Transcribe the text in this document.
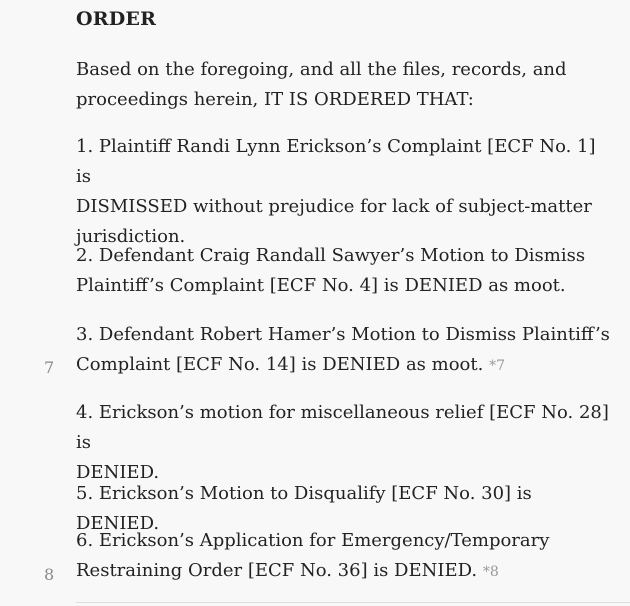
ORDER
Based on the foregoing, and all the files, records, and
proceedings herein, IT IS ORDERED THAT:
1. Plaintiff Randi Lynn Erickson’s Complaint [ECF No. 1] is
DISMISSED without prejudice for lack of subject-matter
jurisdiction.
2. Defendant Craig Randall Sawyer’s Motion to Dismiss
Plaintiff’s Complaint [ECF No. 4] is DENIED as moot.
3. Defendant Robert Hamer’s Motion to Dismiss Plaintiff’s
Complaint [ECF No. 14] is DENIED as moot. *7
7
4. Erickson’s motion for miscellaneous relief [ECF No. 28] is
DENIED.
5. Erickson’s Motion to Disqualify [ECF No. 30] is DENIED.
6. Erickson’s Application for Emergency/Temporary
Restraining Order [ECF No. 36] is DENIED. *8
8
